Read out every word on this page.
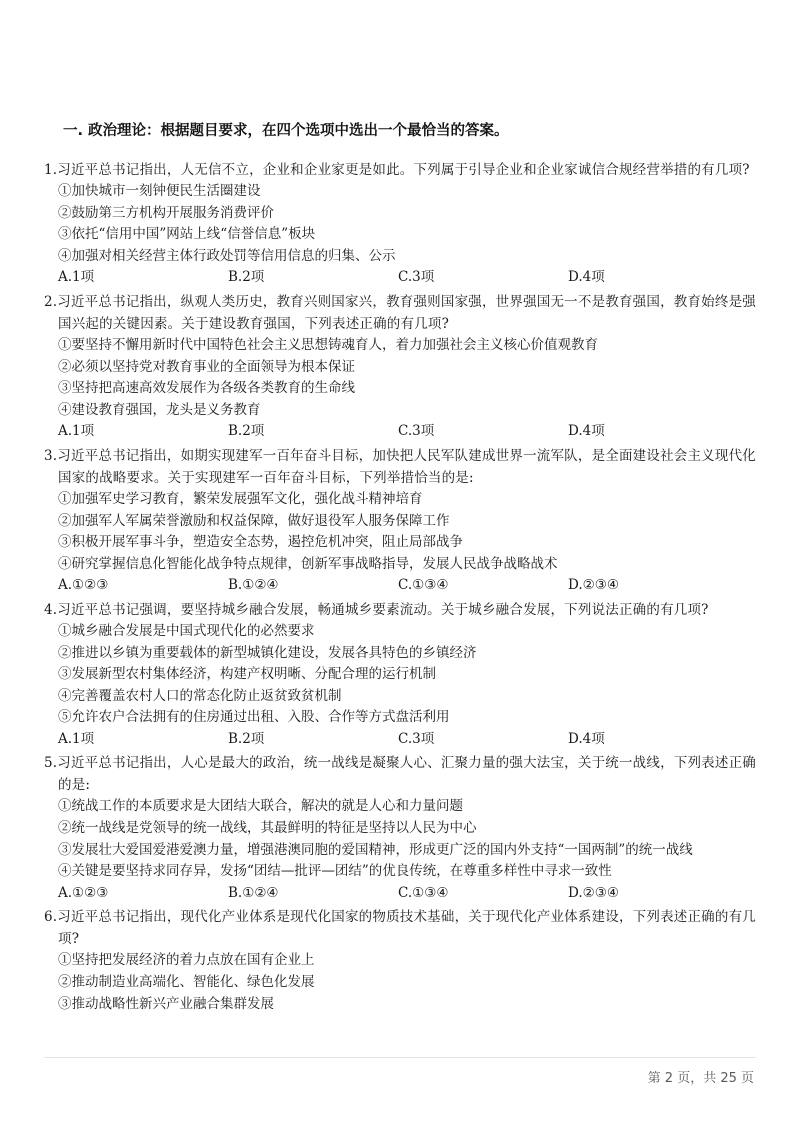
一. 政治理论：根据题目要求，在四个选项中选出一个最恰当的答案。
1.习近平总书记指出，人无信不立，企业和企业家更是如此。下列属于引导企业和企业家诚信合规经营举措的有几项?
①加快城市一刻钟便民生活圈建设
②鼓励第三方机构开展服务消费评价
③依托“信用中国”网站上线“信誉信息”板块
④加强对相关经营主体行政处罚等信用信息的归集、公示
A.1项	B.2项	C.3项	D.4项
2.习近平总书记指出，纵观人类历史，教育兴则国家兴，教育强则国家强，世界强国无一不是教育强国，教育始终是强国兴起的关键因素。关于建设教育强国，下列表述正确的有几项?
①要坚持不懈用新时代中国特色社会主义思想铸魂育人，着力加强社会主义核心价值观教育
②必须以坚持党对教育事业的全面领导为根本保证
③坚持把高速高效发展作为各级各类教育的生命线
④建设教育强国，龙头是义务教育
A.1项	B.2项	C.3项	D.4项
3.习近平总书记指出，如期实现建军一百年奋斗目标，加快把人民军队建成世界一流军队，是全面建设社会主义现代化国家的战略要求。关于实现建军一百年奋斗目标，下列举措恰当的是:
①加强军史学习教育，繁荣发展强军文化，强化战斗精神培育
②加强军人军属荣誉激励和权益保障，做好退役军人服务保障工作
③积极开展军事斗争，塑造安全态势，遏控危机冲突，阻止局部战争
④研究掌握信息化智能化战争特点规律，创新军事战略指导，发展人民战争战略战术
A.①②③	B.①②④	C.①③④	D.②③④
4.习近平总书记强调，要坚持城乡融合发展，畅通城乡要素流动。关于城乡融合发展，下列说法正确的有几项?
①城乡融合发展是中国式现代化的必然要求
②推进以乡镇为重要载体的新型城镇化建设，发展各具特色的乡镇经济
③发展新型农村集体经济，构建产权明晰、分配合理的运行机制
④完善覆盖农村人口的常态化防止返贫致贫机制
⑤允许农户合法拥有的住房通过出租、入股、合作等方式盘活利用
A.1项	B.2项	C.3项	D.4项
5.习近平总书记指出，人心是最大的政治，统一战线是凝聚人心、汇聚力量的强大法宝，关于统一战线，下列表述正确的是:
①统战工作的本质要求是大团结大联合，解决的就是人心和力量问题
②统一战线是党领导的统一战线，其最鲜明的特征是坚持以人民为中心
③发展壮大爱国爱港爱澳力量，增强港澳同胞的爱国精神，形成更广泛的国内外支持“一国两制”的统一战线
④关键是要坚持求同存异，发扬“团结—批评—团结”的优良传统，在尊重多样性中寻求一致性
A.①②③	B.①②④	C.①③④	D.②③④
6.习近平总书记指出，现代化产业体系是现代化国家的物质技术基础，关于现代化产业体系建设，下列表述正确的有几项?
①坚持把发展经济的着力点放在国有企业上
②推动制造业高端化、智能化、绿色化发展
③推动战略性新兴产业融合集群发展
第 2 页，共 25 页
